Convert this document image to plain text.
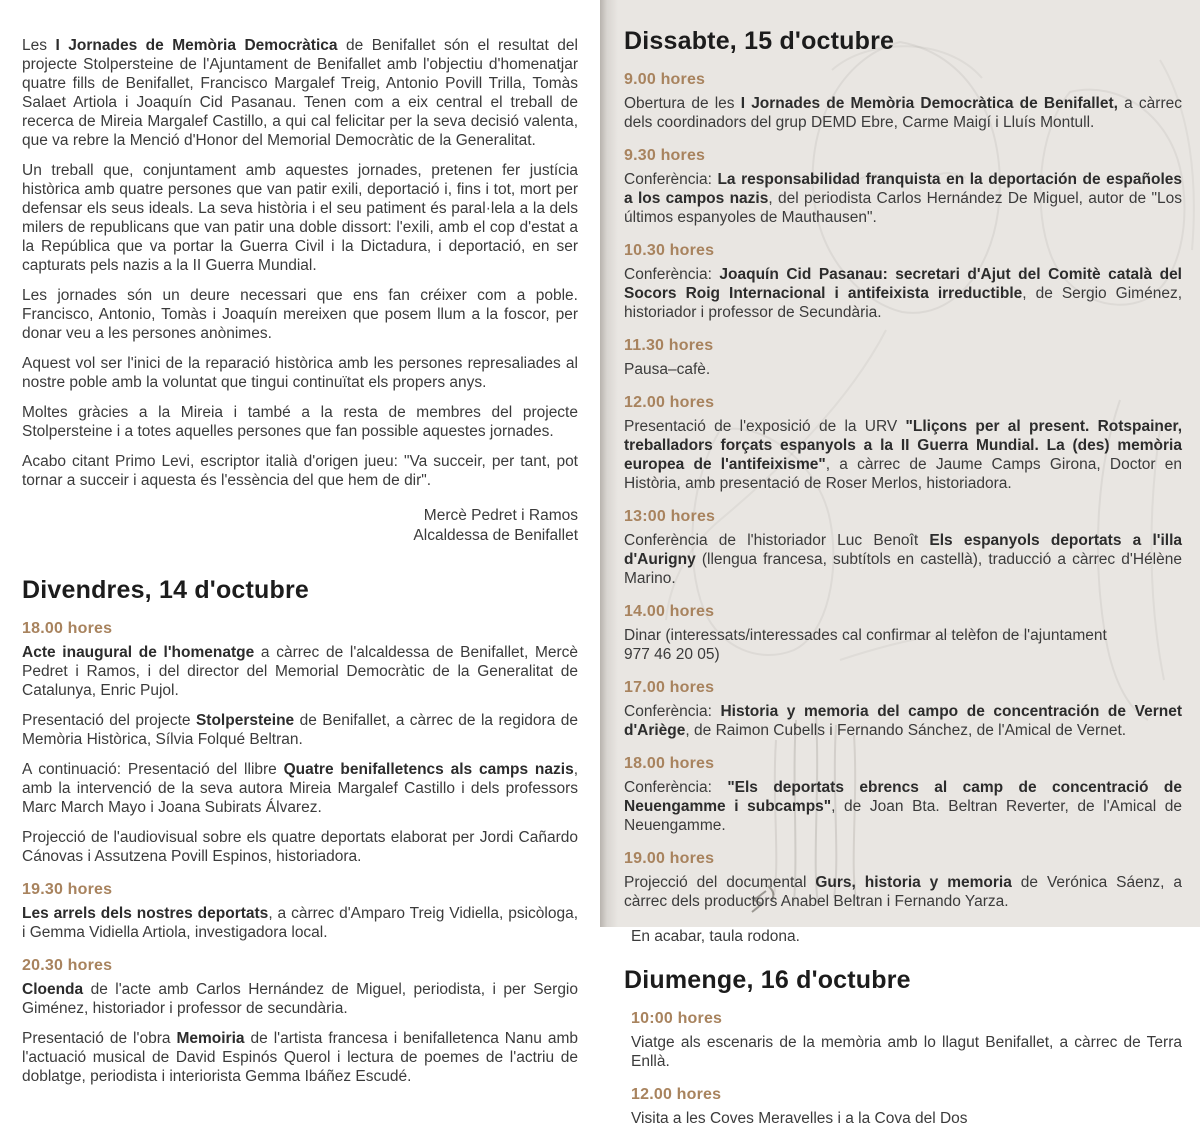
Les I Jornades de Memòria Democràtica de Benifallet són el resultat del projecte Stolpersteine de l'Ajuntament de Benifallet amb l'objectiu d'homenatjar quatre fills de Benifallet, Francisco Margalef Treig, Antonio Povill Trilla, Tomàs Salaet Artiola i Joaquín Cid Pasanau. Tenen com a eix central el treball de recerca de Mireia Margalef Castillo, a qui cal felicitar per la seva decisió valenta, que va rebre la Menció d'Honor del Memorial Democràtic de la Generalitat.

Un treball que, conjuntament amb aquestes jornades, pretenen fer justícia històrica amb quatre persones que van patir exili, deportació i, fins i tot, mort per defensar els seus ideals. La seva història i el seu patiment és paral·lela a la dels milers de republicans que van patir una doble dissort: l'exili, amb el cop d'estat a la República que va portar la Guerra Civil i la Dictadura, i deportació, en ser capturats pels nazis a la II Guerra Mundial.

Les jornades són un deure necessari que ens fan créixer com a poble. Francisco, Antonio, Tomàs i Joaquín mereixen que posem llum a la foscor, per donar veu a les persones anònimes.

Aquest vol ser l'inici de la reparació històrica amb les persones represaliades al nostre poble amb la voluntat que tingui continuïtat els propers anys.

Moltes gràcies a la Mireia i també a la resta de membres del projecte Stolpersteine i a totes aquelles persones que fan possible aquestes jornades.

Acabo citant Primo Levi, escriptor italià d'origen jueu: "Va succeir, per tant, pot tornar a succeir i aquesta és l'essència del que hem de dir".

Mercè Pedret i Ramos
Alcaldessa de Benifallet
Divendres, 14 d'octubre
18.00 hores

Acte inaugural de l'homenatge a càrrec de l'alcaldessa de Benifallet, Mercè Pedret i Ramos, i del director del Memorial Democràtic de la Generalitat de Catalunya, Enric Pujol.

Presentació del projecte Stolpersteine de Benifallet, a càrrec de la regidora de Memòria Històrica, Sílvia Folqué Beltran.

A continuació: Presentació del llibre Quatre benifalletencs als camps nazis, amb la intervenció de la seva autora Mireia Margalef Castillo i dels professors Marc March Mayo i Joana Subirats Álvarez.

Projecció de l'audiovisual sobre els quatre deportats elaborat per Jordi Cañardo Cánovas i Assutzena Povill Espinos, historiadora.

19.30 hores

Les arrels dels nostres deportats, a càrrec d'Amparo Treig Vidiella, psicòloga, i Gemma Vidiella Artiola, investigadora local.

20.30 hores

Cloenda de l'acte amb Carlos Hernández de Miguel, periodista, i per Sergio Giménez, historiador i professor de secundària.

Presentació de l'obra Memoiria de l'artista francesa i benifalletenca Nanu amb l'actuació musical de David Espinós Querol i lectura de poemes de l'actriu de doblatge, periodista i interiorista Gemma Ibáñez Escudé.

Dissabte, 15 d'octubre
9.00 hores

Obertura de les I Jornades de Memòria Democràtica de Benifallet, a càrrec dels coordinadors del grup DEMD Ebre, Carme Maigí i Lluís Montull.

9.30 hores

Conferència: La responsabilidad franquista en la deportación de españoles a los campos nazis, del periodista Carlos Hernández De Miguel, autor de "Los últimos espanyoles de Mauthausen".

10.30 hores

Conferència: Joaquín Cid Pasanau: secretari d'Ajut del Comitè català del Socors Roig Internacional i antifeixista irreductible, de Sergio Giménez, historiador i professor de Secundària.

11.30 hores

Pausa–cafè.

12.00 hores

Presentació de l'exposició de la URV "Lliçons per al present. Rotspainer, treballadors forçats espanyols a la II Guerra Mundial. La (des) memòria europea de l'antifeixisme", a càrrec de Jaume Camps Girona, Doctor en Història, amb presentació de Roser Merlos, historiadora.

13:00 hores

Conferència de l'historiador Luc Benoît Els espanyols deportats a l'illa d'Aurigny (llengua francesa, subtítols en castellà), traducció a càrrec d'Hélène Marino.

14.00 hores

Dinar (interessats/interessades cal confirmar al telèfon de l'ajuntament
977 46 20 05)

17.00 hores

Conferència: Historia y memoria del campo de concentración de Vernet d'Ariège, de Raimon Cubells i Fernando Sánchez, de l'Amical de Vernet.

18.00 hores

Conferència: "Els deportats ebrencs al camp de concentració de Neuengamme i subcamps", de Joan Bta. Beltran Reverter, de l'Amical de Neuengamme.

19.00 hores

Projecció del documental Gurs, historia y memoria de Verónica Sáenz, a càrrec dels productors Anabel Beltran i Fernando Yarza.

En acabar, taula rodona.

Diumenge, 16 d'octubre
10:00 hores

Viatge als escenaris de la memòria amb lo llagut Benifallet, a càrrec de Terra Enllà.

12.00 hores

Visita a les Coves Meravelles i a la Cova del Dos
